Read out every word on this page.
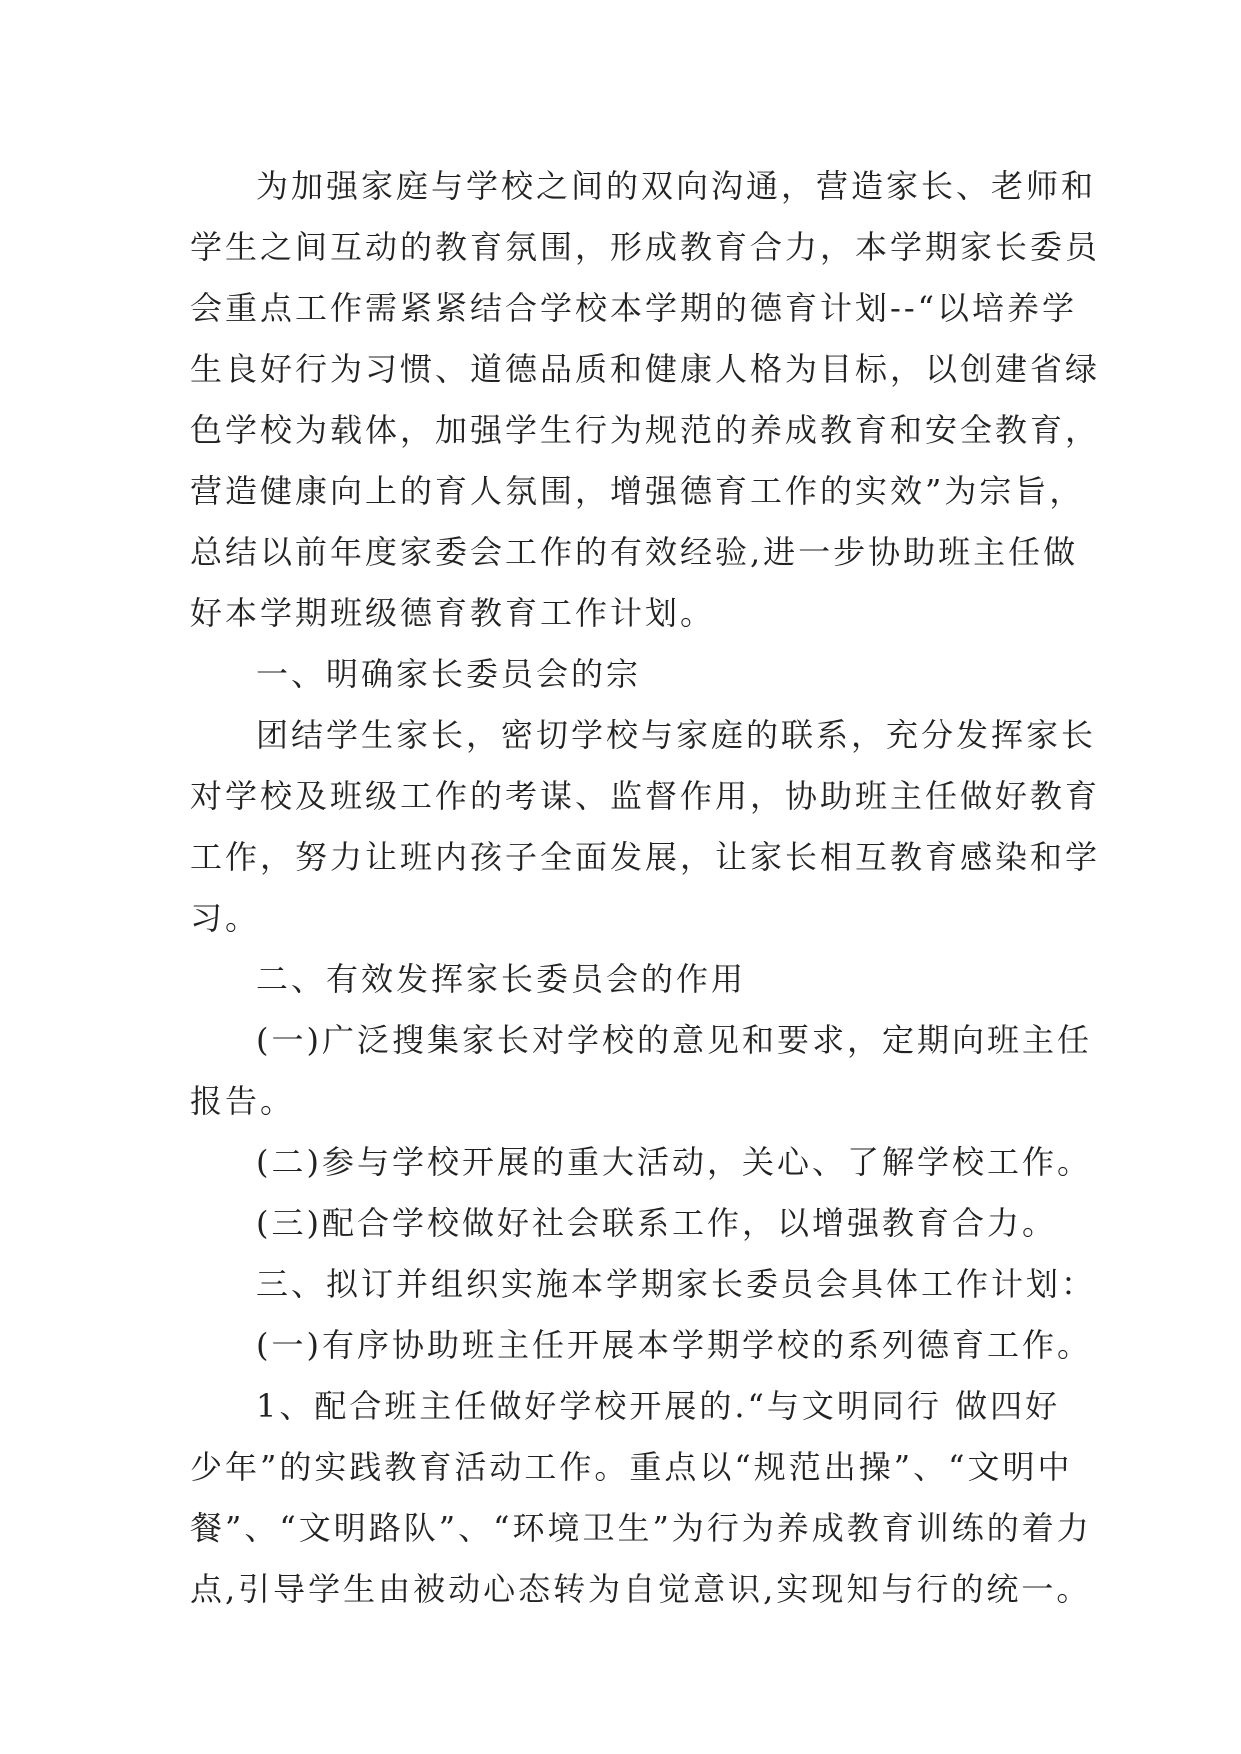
为加强家庭与学校之间的双向沟通，营造家长、老师和
学生之间互动的教育氛围，形成教育合力，本学期家长委员
会重点工作需紧紧结合学校本学期的德育计划--“以培养学
生良好行为习惯、道德品质和健康人格为目标，以创建省绿
色学校为载体，加强学生行为规范的养成教育和安全教育，
营造健康向上的育人氛围，增强德育工作的实效”为宗旨，
总结以前年度家委会工作的有效经验,进一步协助班主任做
好本学期班级德育教育工作计划。
一、明确家长委员会的宗
团结学生家长，密切学校与家庭的联系，充分发挥家长
对学校及班级工作的考谋、监督作用，协助班主任做好教育
工作，努力让班内孩子全面发展，让家长相互教育感染和学
习。
二、有效发挥家长委员会的作用
(一)广泛搜集家长对学校的意见和要求，定期向班主任
报告。
(二)参与学校开展的重大活动，关心、了解学校工作。
(三)配合学校做好社会联系工作，以增强教育合力。
三、拟订并组织实施本学期家长委员会具体工作计划：
(一)有序协助班主任开展本学期学校的系列德育工作。
1、配合班主任做好学校开展的.“与文明同行 做四好
少年”的实践教育活动工作。重点以“规范出操”、“文明中
餐”、“文明路队”、“环境卫生”为行为养成教育训练的着力
点,引导学生由被动心态转为自觉意识,实现知与行的统一。
